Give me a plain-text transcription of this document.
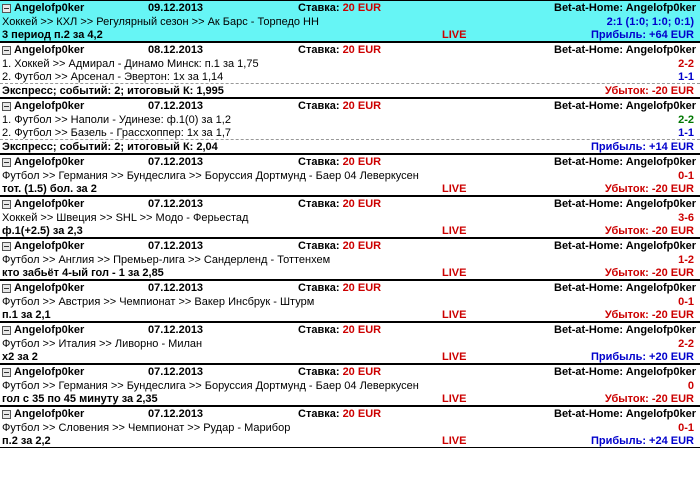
Angelofp0ker	09.12.2013	Ставка: 20 EUR	Bet-at-Home: Angelofp0ker
Хоккей >> КХЛ >> Регулярный сезон >> Ак Барс - Торпедо НН	2:1 (1:0; 1:0; 0:1)
3 период п.2 за 4,2	LIVE	Прибыль: +64 EUR
Angelofp0ker	08.12.2013	Ставка: 20 EUR	Bet-at-Home: Angelofp0ker
1. Хоккей >> Адмирал - Динамо Минск: п.1 за 1,75	2-2
2. Футбол >> Арсенал - Эвертон: 1х за 1,14	1-1
Экспресс; событий: 2; итоговый К: 1,995	Убыток: -20 EUR
Angelofp0ker	07.12.2013	Ставка: 20 EUR	Bet-at-Home: Angelofp0ker
1. Футбол >> Наполи - Удинезе: ф.1(0) за 1,2	2-2
2. Футбол >> Базель - Грассхоппер: 1х за 1,7	1-1
Экспресс; событий: 2; итоговый К: 2,04	Прибыль: +14 EUR
Angelofp0ker	07.12.2013	Ставка: 20 EUR	Bet-at-Home: Angelofp0ker
Футбол >> Германия >> Бундеслига >> Боруссия Дортмунд - Баер 04 Леверкусен	0-1
тот. (1.5) бол. за 2	LIVE	Убыток: -20 EUR
Angelofp0ker	07.12.2013	Ставка: 20 EUR	Bet-at-Home: Angelofp0ker
Хоккей >> Швеция >> SHL >> Модо - Ферьестад	3-6
ф.1(+2.5) за 2,3	LIVE	Убыток: -20 EUR
Angelofp0ker	07.12.2013	Ставка: 20 EUR	Bet-at-Home: Angelofp0ker
Футбол >> Англия >> Премьер-лига >> Сандерленд - Тоттенхем	1-2
кто забьёт 4-ый гол - 1 за 2,85	LIVE	Убыток: -20 EUR
Angelofp0ker	07.12.2013	Ставка: 20 EUR	Bet-at-Home: Angelofp0ker
Футбол >> Австрия >> Чемпионат >> Вакер Инсбрук - Штурм	0-1
п.1 за 2,1	LIVE	Убыток: -20 EUR
Angelofp0ker	07.12.2013	Ставка: 20 EUR	Bet-at-Home: Angelofp0ker
Футбол >> Италия >> Ливорно - Милан	2-2
х2 за 2	LIVE	Прибыль: +20 EUR
Angelofp0ker	07.12.2013	Ставка: 20 EUR	Bet-at-Home: Angelofp0ker
Футбол >> Германия >> Бундеслига >> Боруссия Дортмунд - Баер 04 Леверкусен	0
гол с 35 по 45 минуту за 2,35	LIVE	Убыток: -20 EUR
Angelofp0ker	07.12.2013	Ставка: 20 EUR	Bet-at-Home: Angelofp0ker
Футбол >> Словения >> Чемпионат >> Рудар - Марибор	0-1
п.2 за 2,2	LIVE	Прибыль: +24 EUR
